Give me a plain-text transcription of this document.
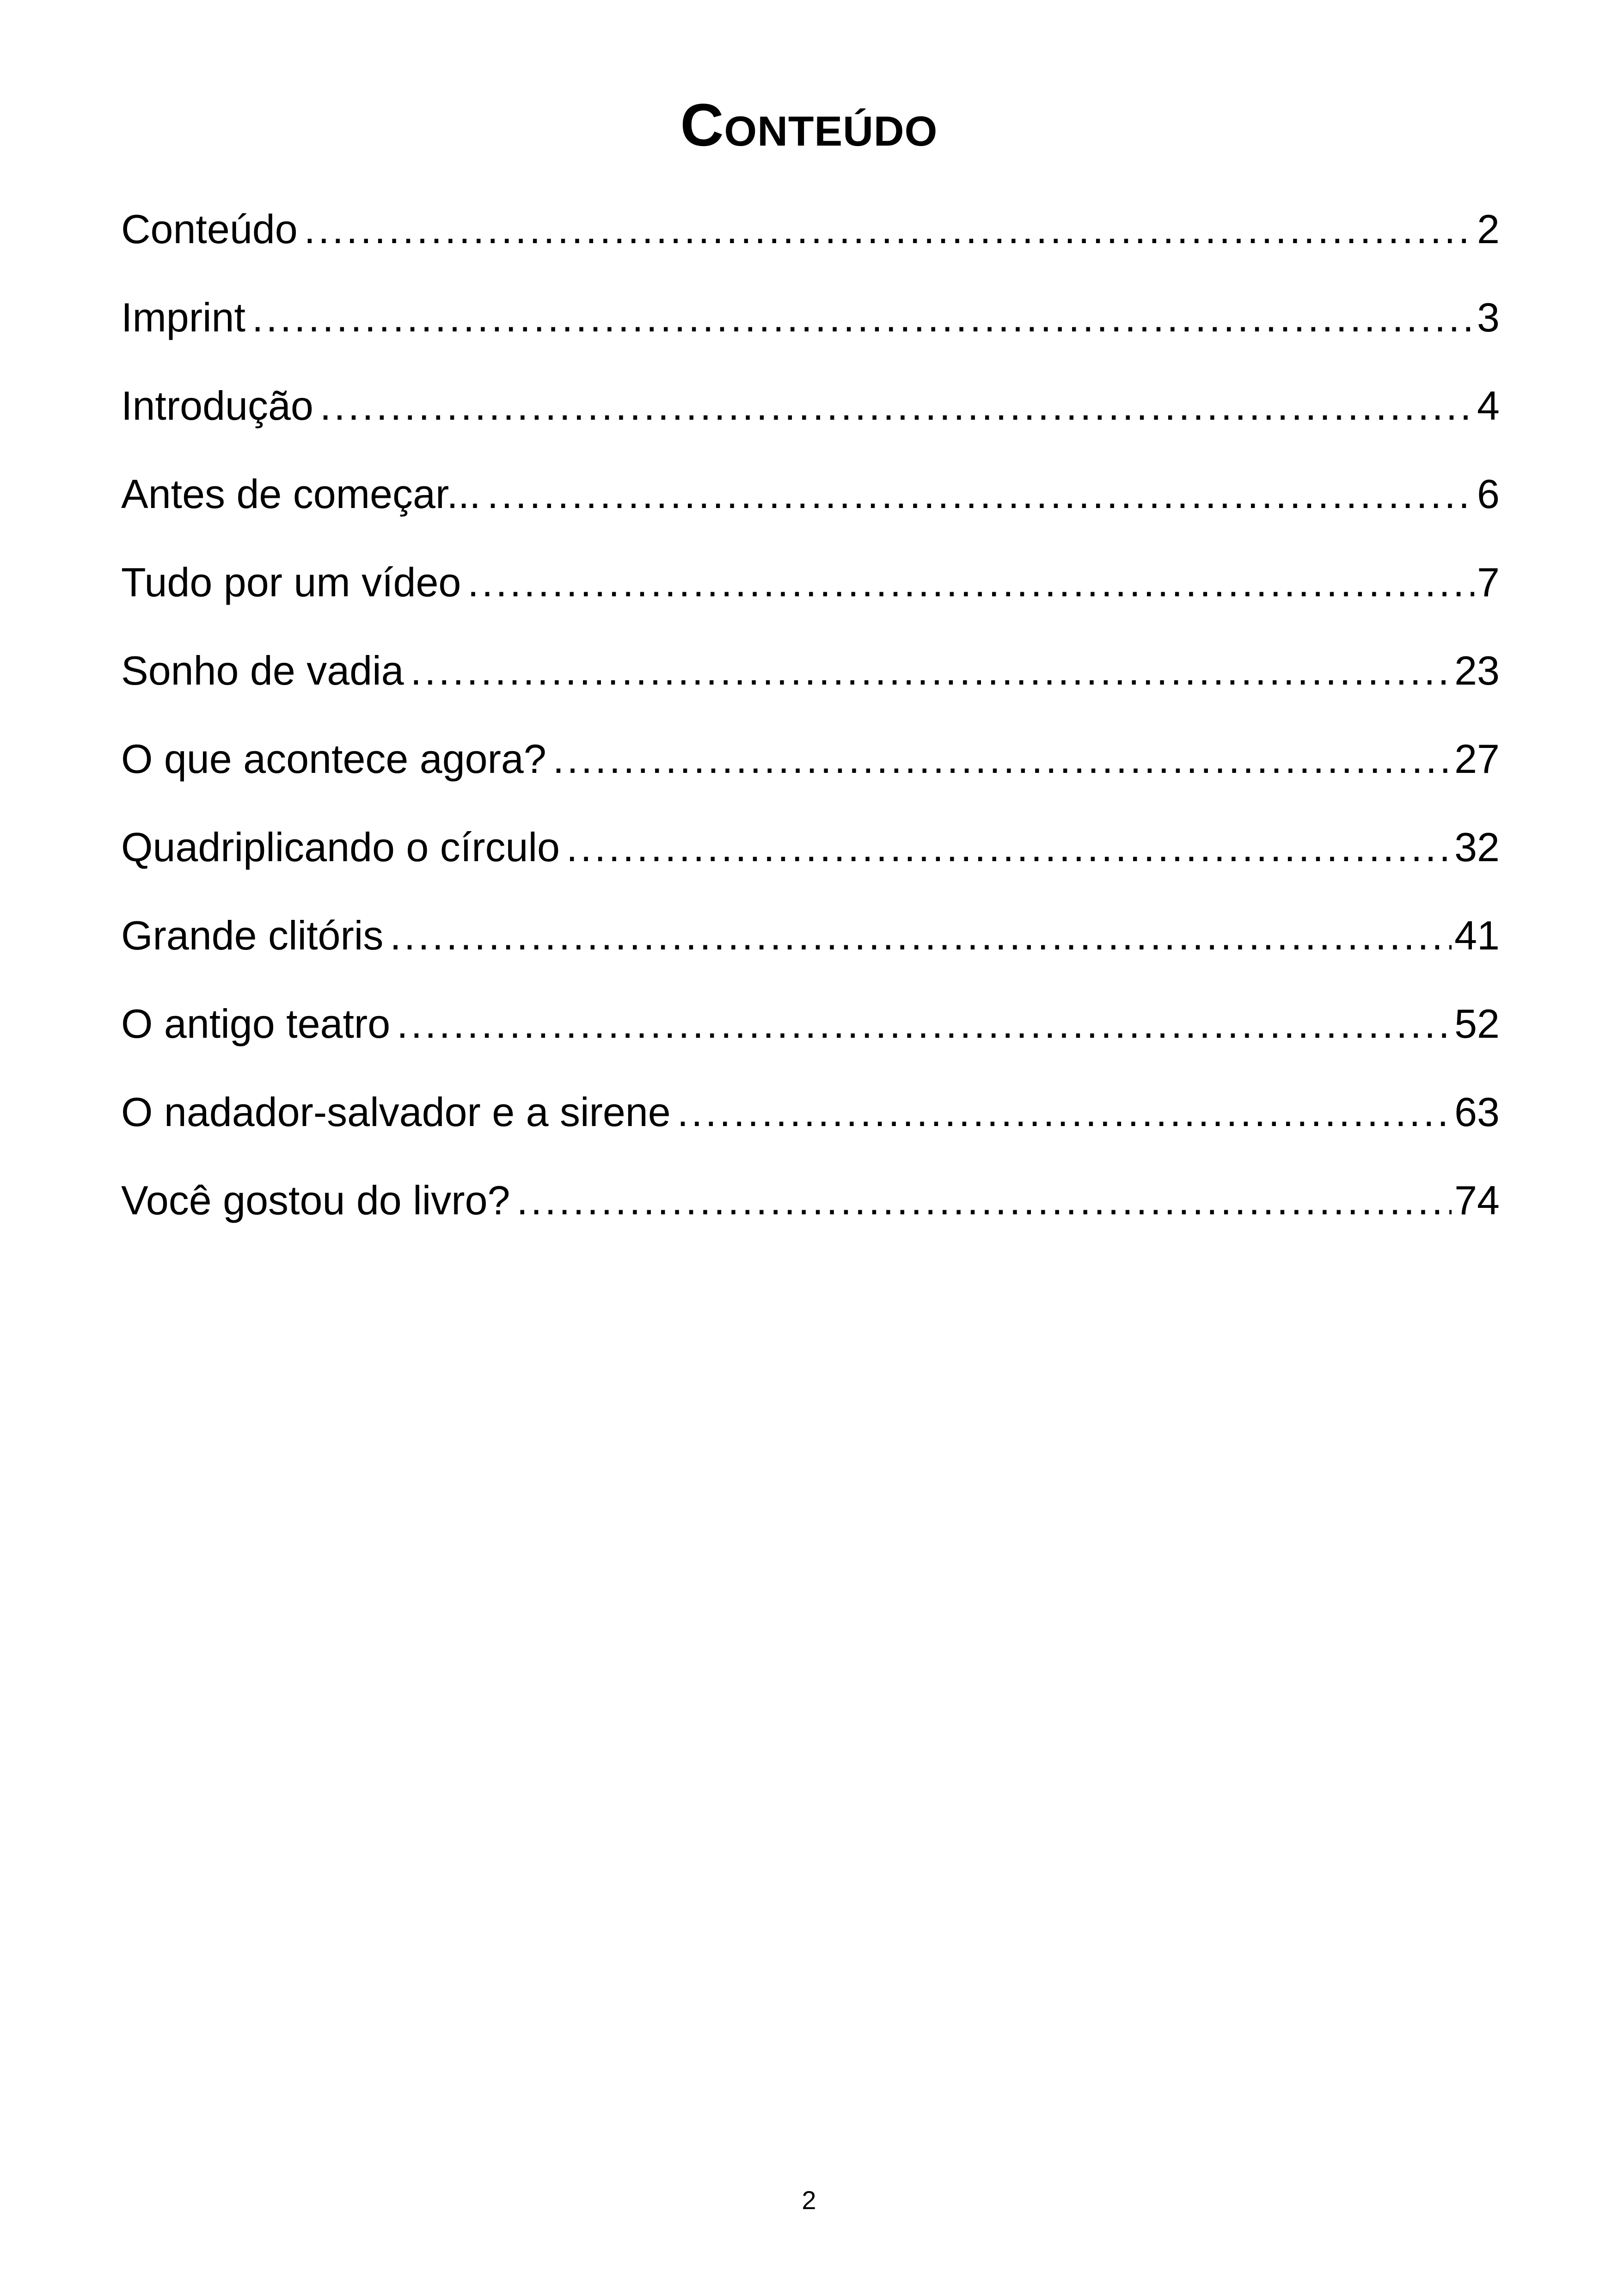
Conteúdo
Conteúdo .....	2
Imprint .....	3
Introdução .....	4
Antes de começar... .....	6
Tudo por um vídeo .....	7
Sonho de vadia .....	23
O que acontece agora? .....	27
Quadriplicando o círculo .....	32
Grande clitóris .....	41
O antigo teatro .....	52
O nadador-salvador e a sirene .....	63
Você gostou do livro? .....	74
2
